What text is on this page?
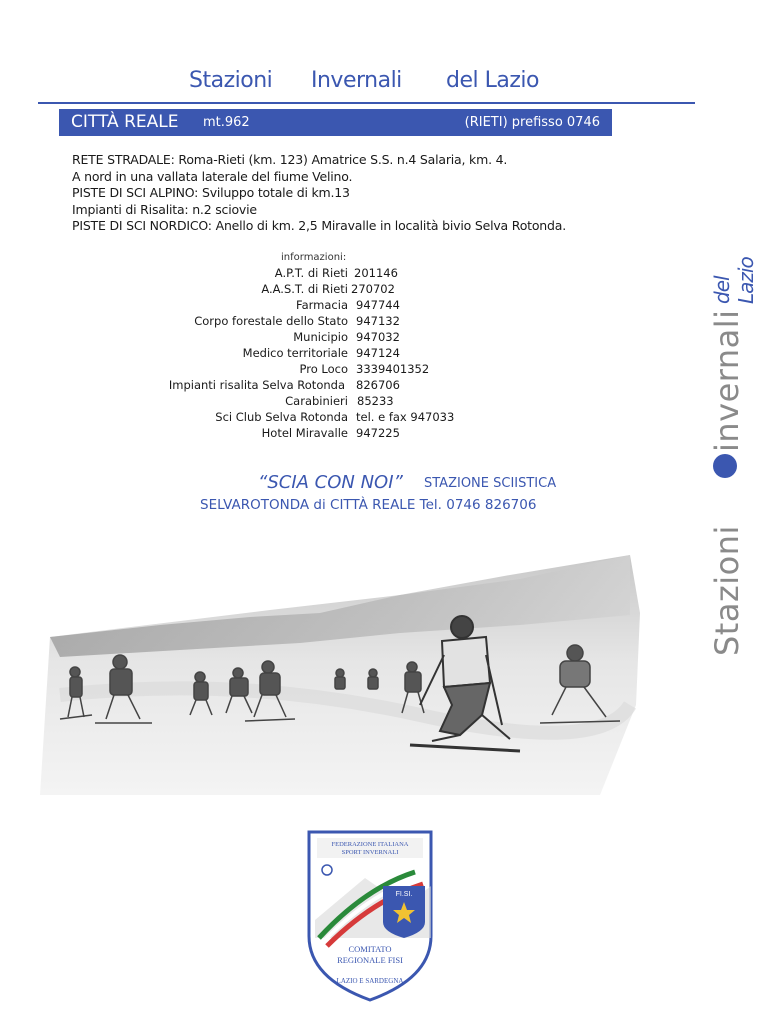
Stazioni Invernali del Lazio
CITTÀ REALE mt.962	(RIETI) prefisso 0746
RETE STRADALE: Roma-Rieti (km. 123) Amatrice S.S. n.4 Salaria, km. 4.
A nord in una vallata laterale del fiume Velino.
PISTE DI SCI ALPINO: Sviluppo totale di km.13
Impianti di Risalita: n.2 sciovie
PISTE DI SCI NORDICO: Anello di km. 2,5 Miravalle in località bivio Selva Rotonda.
informazioni:
A.P.T. di Rieti 201146
A.A.S.T. di Rieti 270702
Farmacia 947744
Corpo forestale dello Stato 947132
Municipio 947032
Medico territoriale 947124
Pro Loco 3339401352
Impianti risalita Selva Rotonda 826706
Carabinieri 85233
Sci Club Selva Rotonda tel. e fax 947033
Hotel Miravalle 947225
“SCIA CON NOI” STAZIONE SCIISTICA
SELVAROTONDA di CITTÀ REALE Tel. 0746 826706
Stazioni
invernali
del Lazio
FEDERAZIONE ITALIANA
SPORT INVERNALI
FI.SI.
COMITATO
REGIONALE FISI
LAZIO E SARDEGNA
